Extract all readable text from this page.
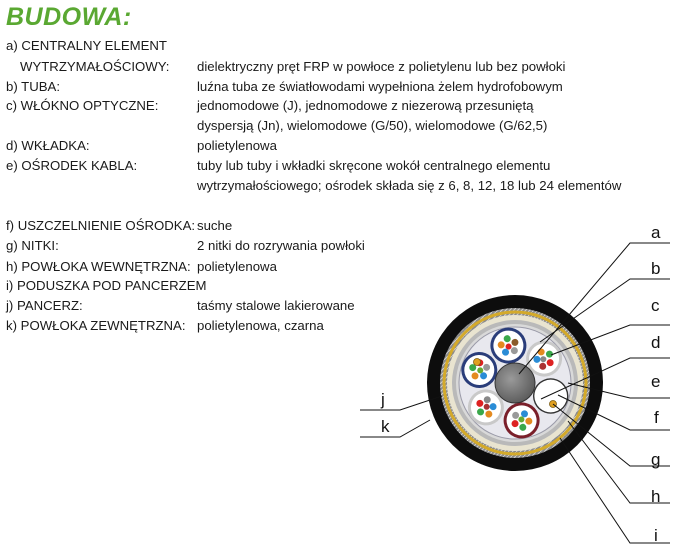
BUDOWA:
a) CENTRALNY ELEMENT
WYTRZYMAŁOŚCIOWY: dielektryczny pręt FRP w powłoce z polietylenu lub bez powłoki
b) TUBA:	luźna tuba ze światłowodami wypełniona żelem hydrofobowym
c) WŁÓKNO OPTYCZNE:	jednomodowe (J), jednomodowe z niezerową przesuniętą
dyspersją (Jn), wielomodowe (G/50), wielomodowe (G/62,5)
d) WKŁADKA:	polietylenowa
e) OŚRODEK KABLA:	tuby lub tuby i wkładki skręcone wokół centralnego elementu
wytrzymałościowego; ośrodek składa się z 6, 8, 12, 18 lub 24 elementów
f) USZCZELNIENIE OŚRODKA: suche
g) NITKI:	2 nitki do rozrywania powłoki
h) POWŁOKA WEWNĘTRZNA: polietylenowa
i) PODUSZKA POD PANCERZEM
j) PANCERZ:	taśmy stalowe lakierowane
k) POWŁOKA ZEWNĘTRZNA: polietylenowa, czarna
a
b
c
d
e
f
g
h
i
j
k
